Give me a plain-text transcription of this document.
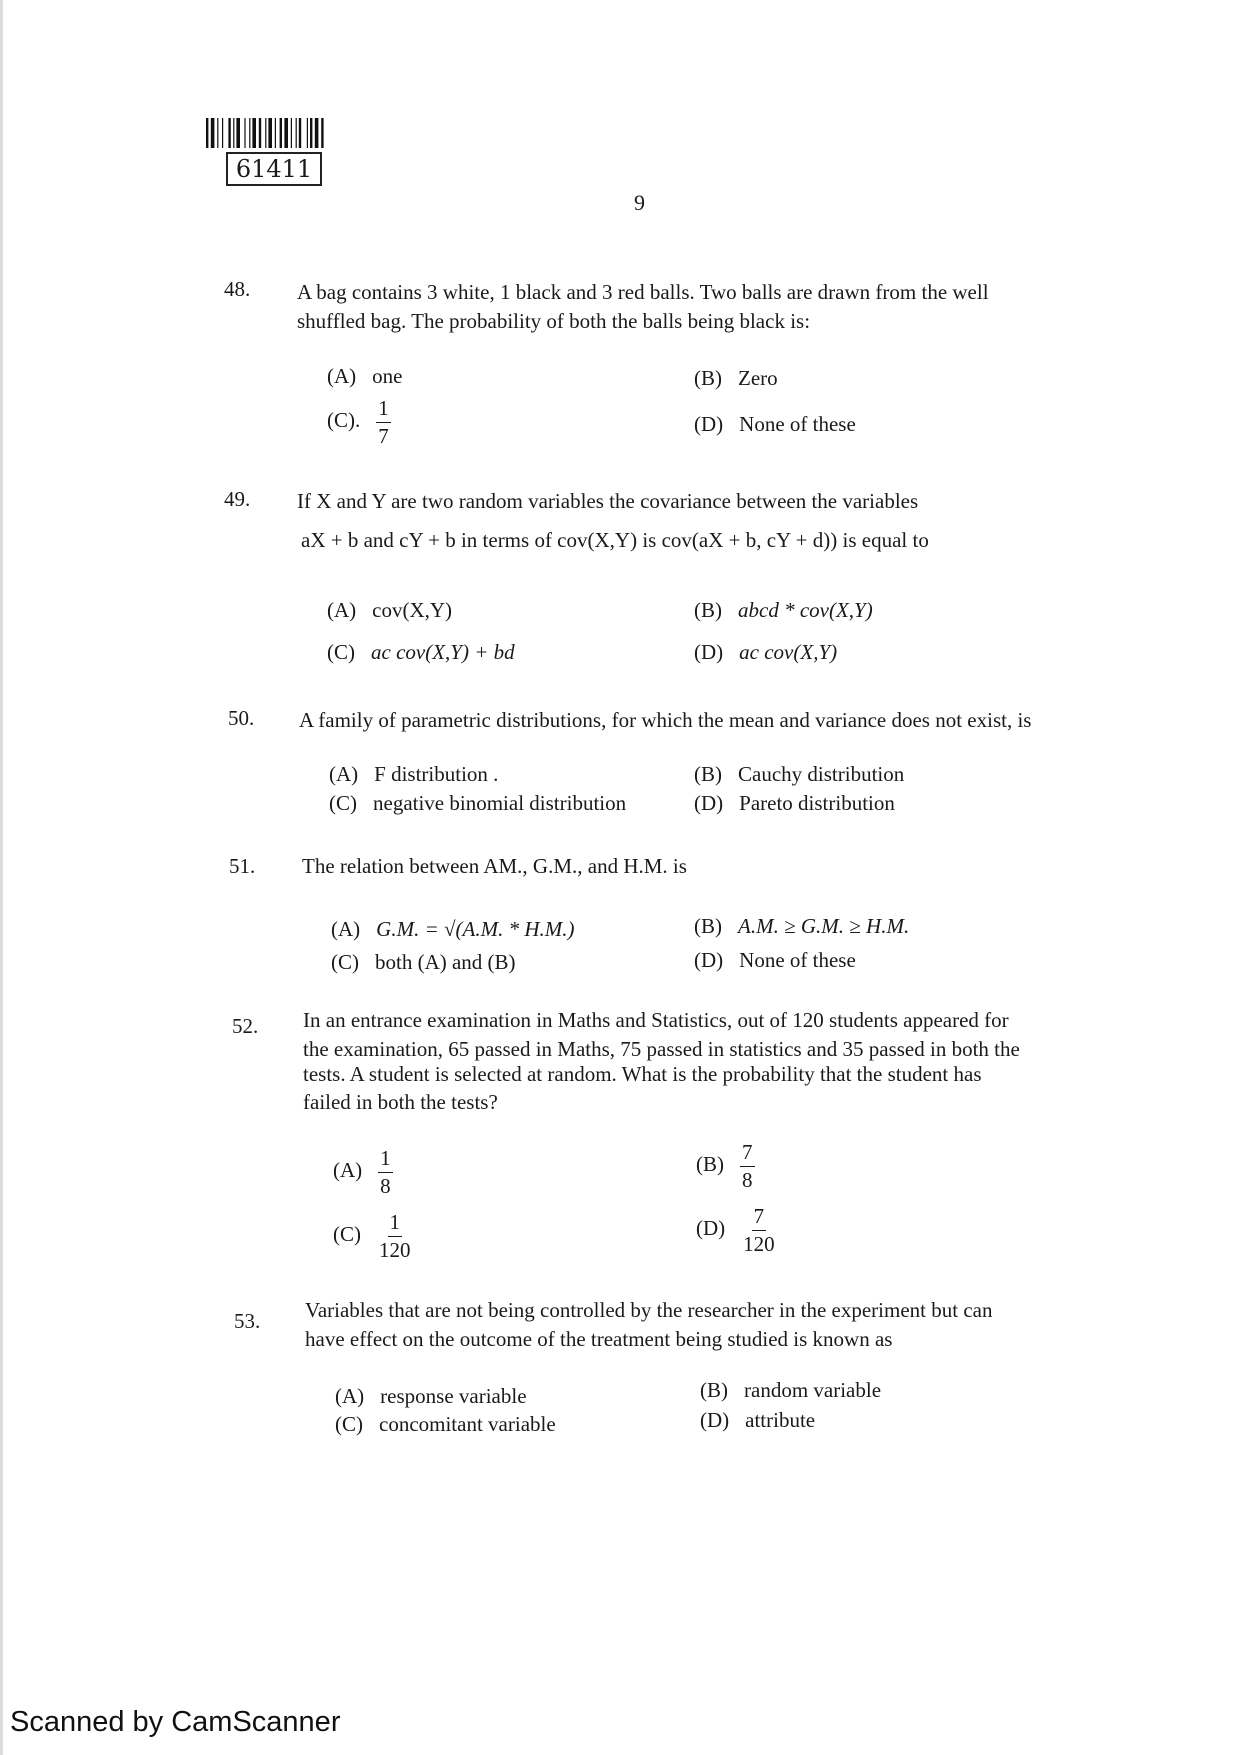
61411
9
48. A bag contains 3 white, 1 black and 3 red balls. Two balls are drawn from the well
shuffled bag. The probability of both the balls being black is:
(A) one	(B) Zero
(C). $\frac{1}{7}$	(D) None of these
49. If X and Y are two random variables the covariance between the variables
aX + b and cY + b in terms of cov(X,Y) is cov(aX + b, cY + d)) is equal to
(A) cov(X,Y)	(B) abcd * cov(X,Y)
(C) ac cov(X,Y) + bd	(D) ac cov(X,Y)
50. A family of parametric distributions, for which the mean and variance does not exist, is
(A) F distribution .	(B) Cauchy distribution
(C) negative binomial distribution	(D) Pareto distribution
51. The relation between AM., G.M., and H.M. is
(A) G.M. = √(A.M. * H.M.)	(B) A.M. ≥ G.M. ≥ H.M.
(C) both (A) and (B)	(D) None of these
52. In an entrance examination in Maths and Statistics, out of 120 students appeared for
the examination, 65 passed in Maths, 75 passed in statistics and 35 passed in both the
tests. A student is selected at random. What is the probability that the student has
failed in both the tests?
$(A) \frac{1}{8}$	$(B) \frac{7}{8}$
$(C) \frac{1}{120}$	$(D) \frac{7}{120}$
53. Variables that are not being controlled by the researcher in the experiment but can
have effect on the outcome of the treatment being studied is known as
(A) response variable	(B) random variable
(C) concomitant variable	(D) attribute
Scanned by CamScanner
